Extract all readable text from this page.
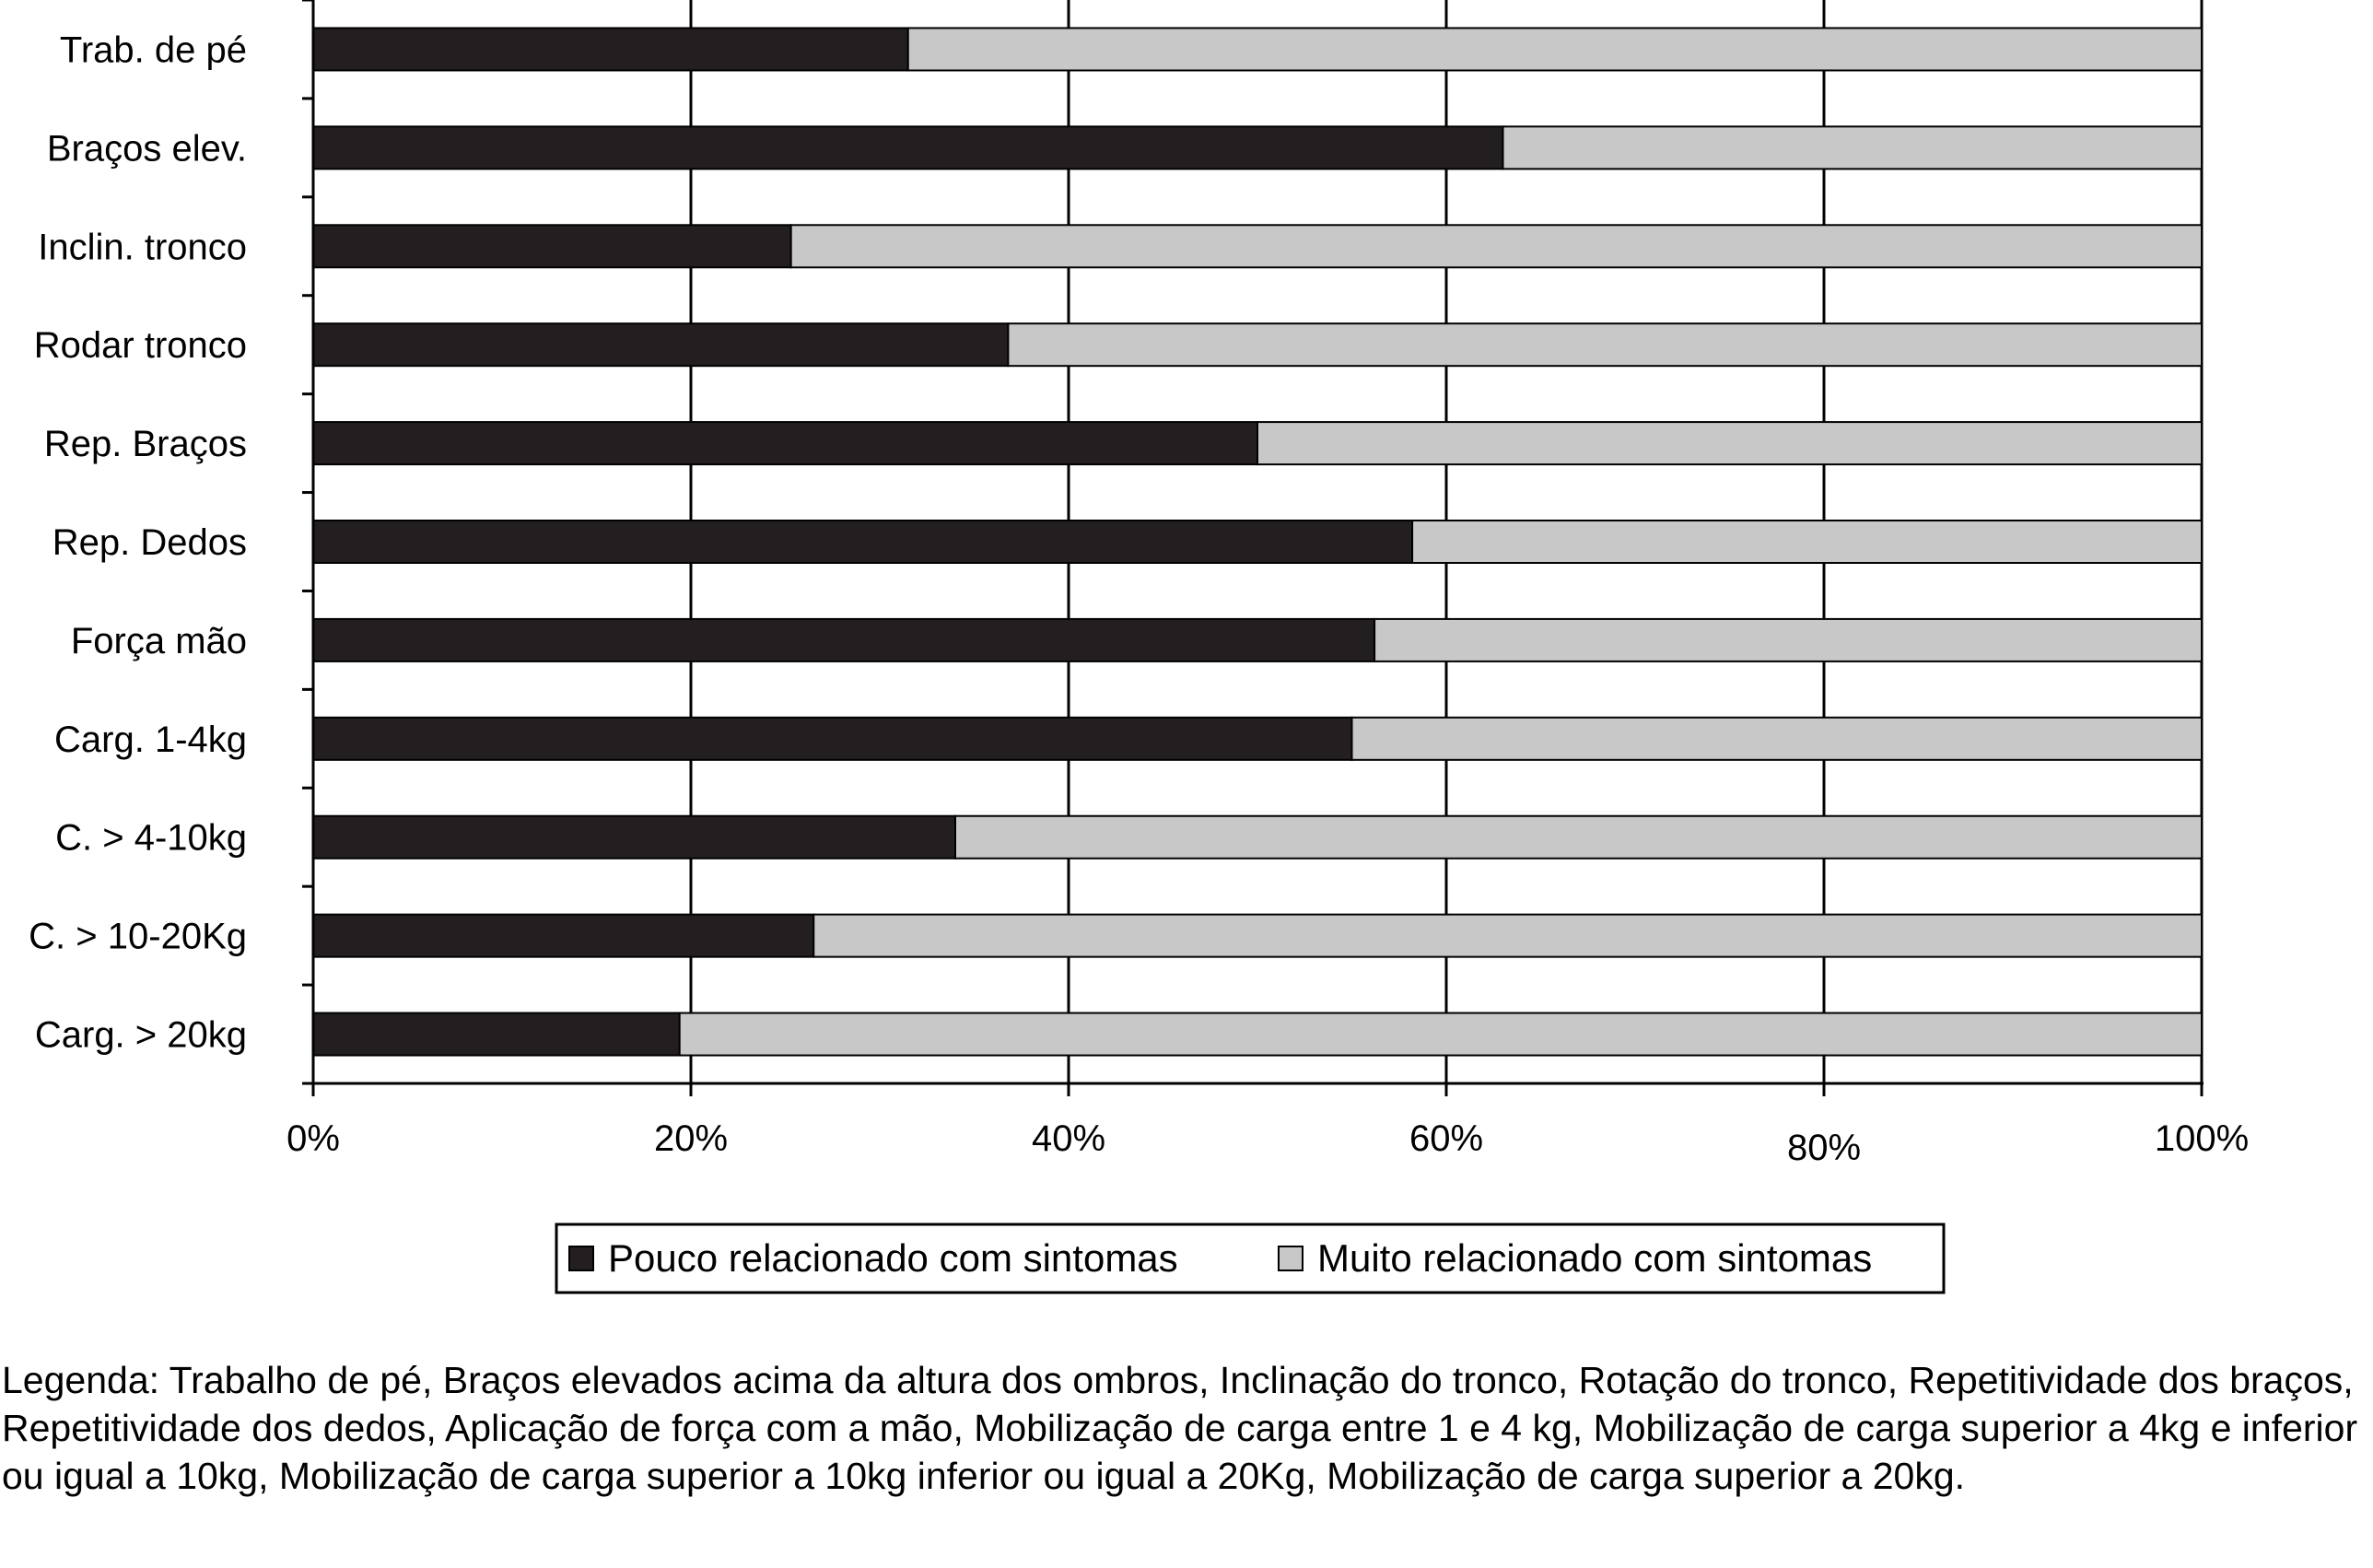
Trab. de pé
Braços elev.
Inclin. tronco
Rodar tronco
Rep. Braços
Rep. Dedos
Força mão
Carg. 1-4kg
C. > 4-10kg
C. > 10-20Kg
Carg. > 20kg
0%	20%	40%	60%	80%	100%
Pouco relacionado com sintomas	Muito relacionado com sintomas

Legenda: Trabalho de pé, Braços elevados acima da altura dos ombros, Inclinação do tronco, Rotação do tronco, Repetitividade dos braços, Repetitividade dos dedos, Aplicação de força com a mão, Mobilização de carga entre 1 e 4 kg, Mobilização de carga superior a 4kg e inferior ou igual a 10kg, Mobilização de carga superior a 10kg inferior ou igual a 20Kg, Mobilização de carga superior a 20kg.
